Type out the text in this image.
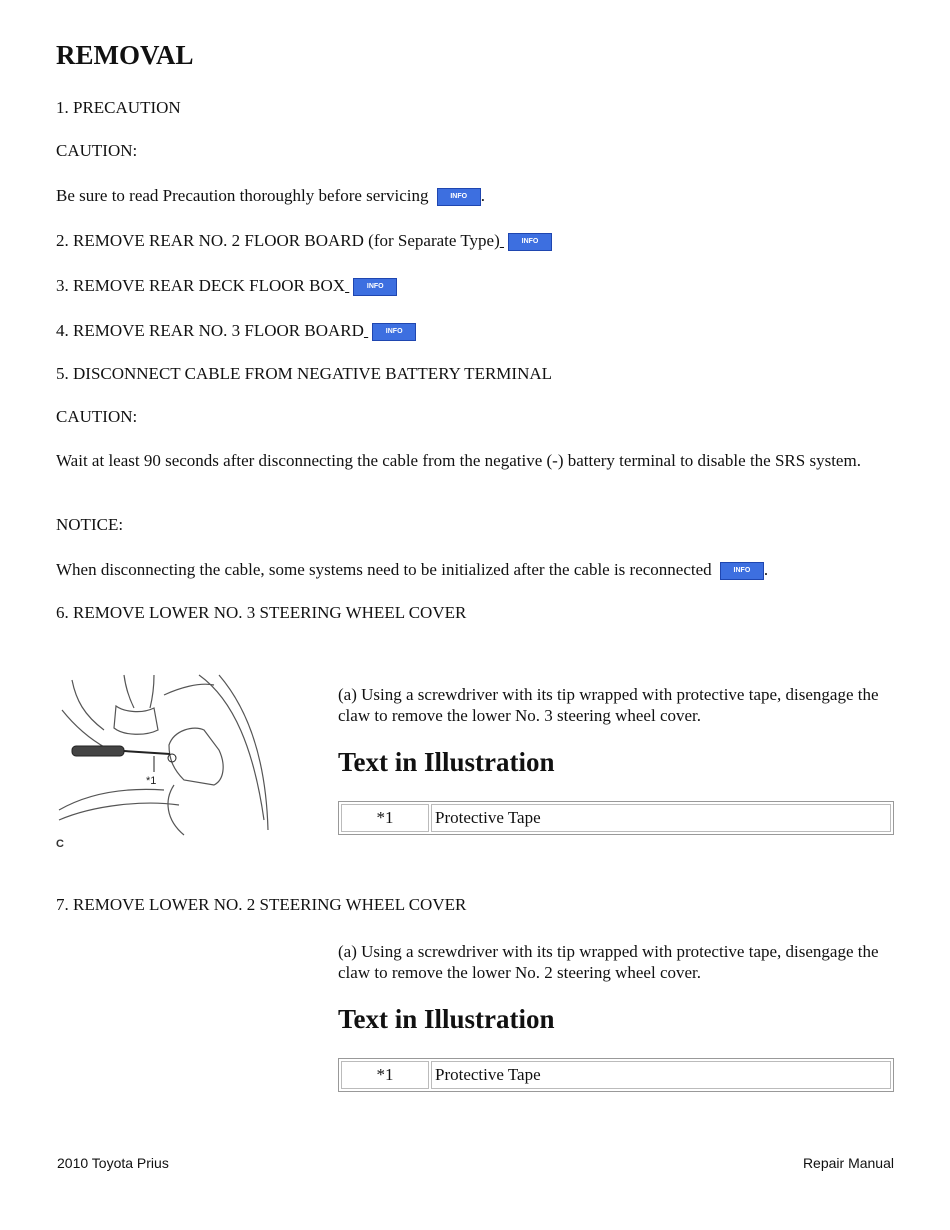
REMOVAL
1. PRECAUTION
CAUTION:
Be sure to read Precaution thoroughly before servicing	INFO .
2. REMOVE REAR NO. 2 FLOOR BOARD (for Separate Type)	INFO
3. REMOVE REAR DECK FLOOR BOX	INFO
4. REMOVE REAR NO. 3 FLOOR BOARD	INFO
5. DISCONNECT CABLE FROM NEGATIVE BATTERY TERMINAL
CAUTION:
Wait at least 90 seconds after disconnecting the cable from the negative (-) battery terminal to disable the SRS system.
NOTICE:
When disconnecting the cable, some systems need to be initialized after the cable is reconnected	INFO .
6. REMOVE LOWER NO. 3 STEERING WHEEL COVER
*1
C
(a) Using a screwdriver with its tip wrapped with protective tape, disengage the claw to remove the lower No. 3 steering wheel cover.
Text in Illustration
*1	Protective Tape
7. REMOVE LOWER NO. 2 STEERING WHEEL COVER
(a) Using a screwdriver with its tip wrapped with protective tape, disengage the claw to remove the lower No. 2 steering wheel cover.
Text in Illustration
*1	Protective Tape
2010 Toyota Prius	Repair Manual
